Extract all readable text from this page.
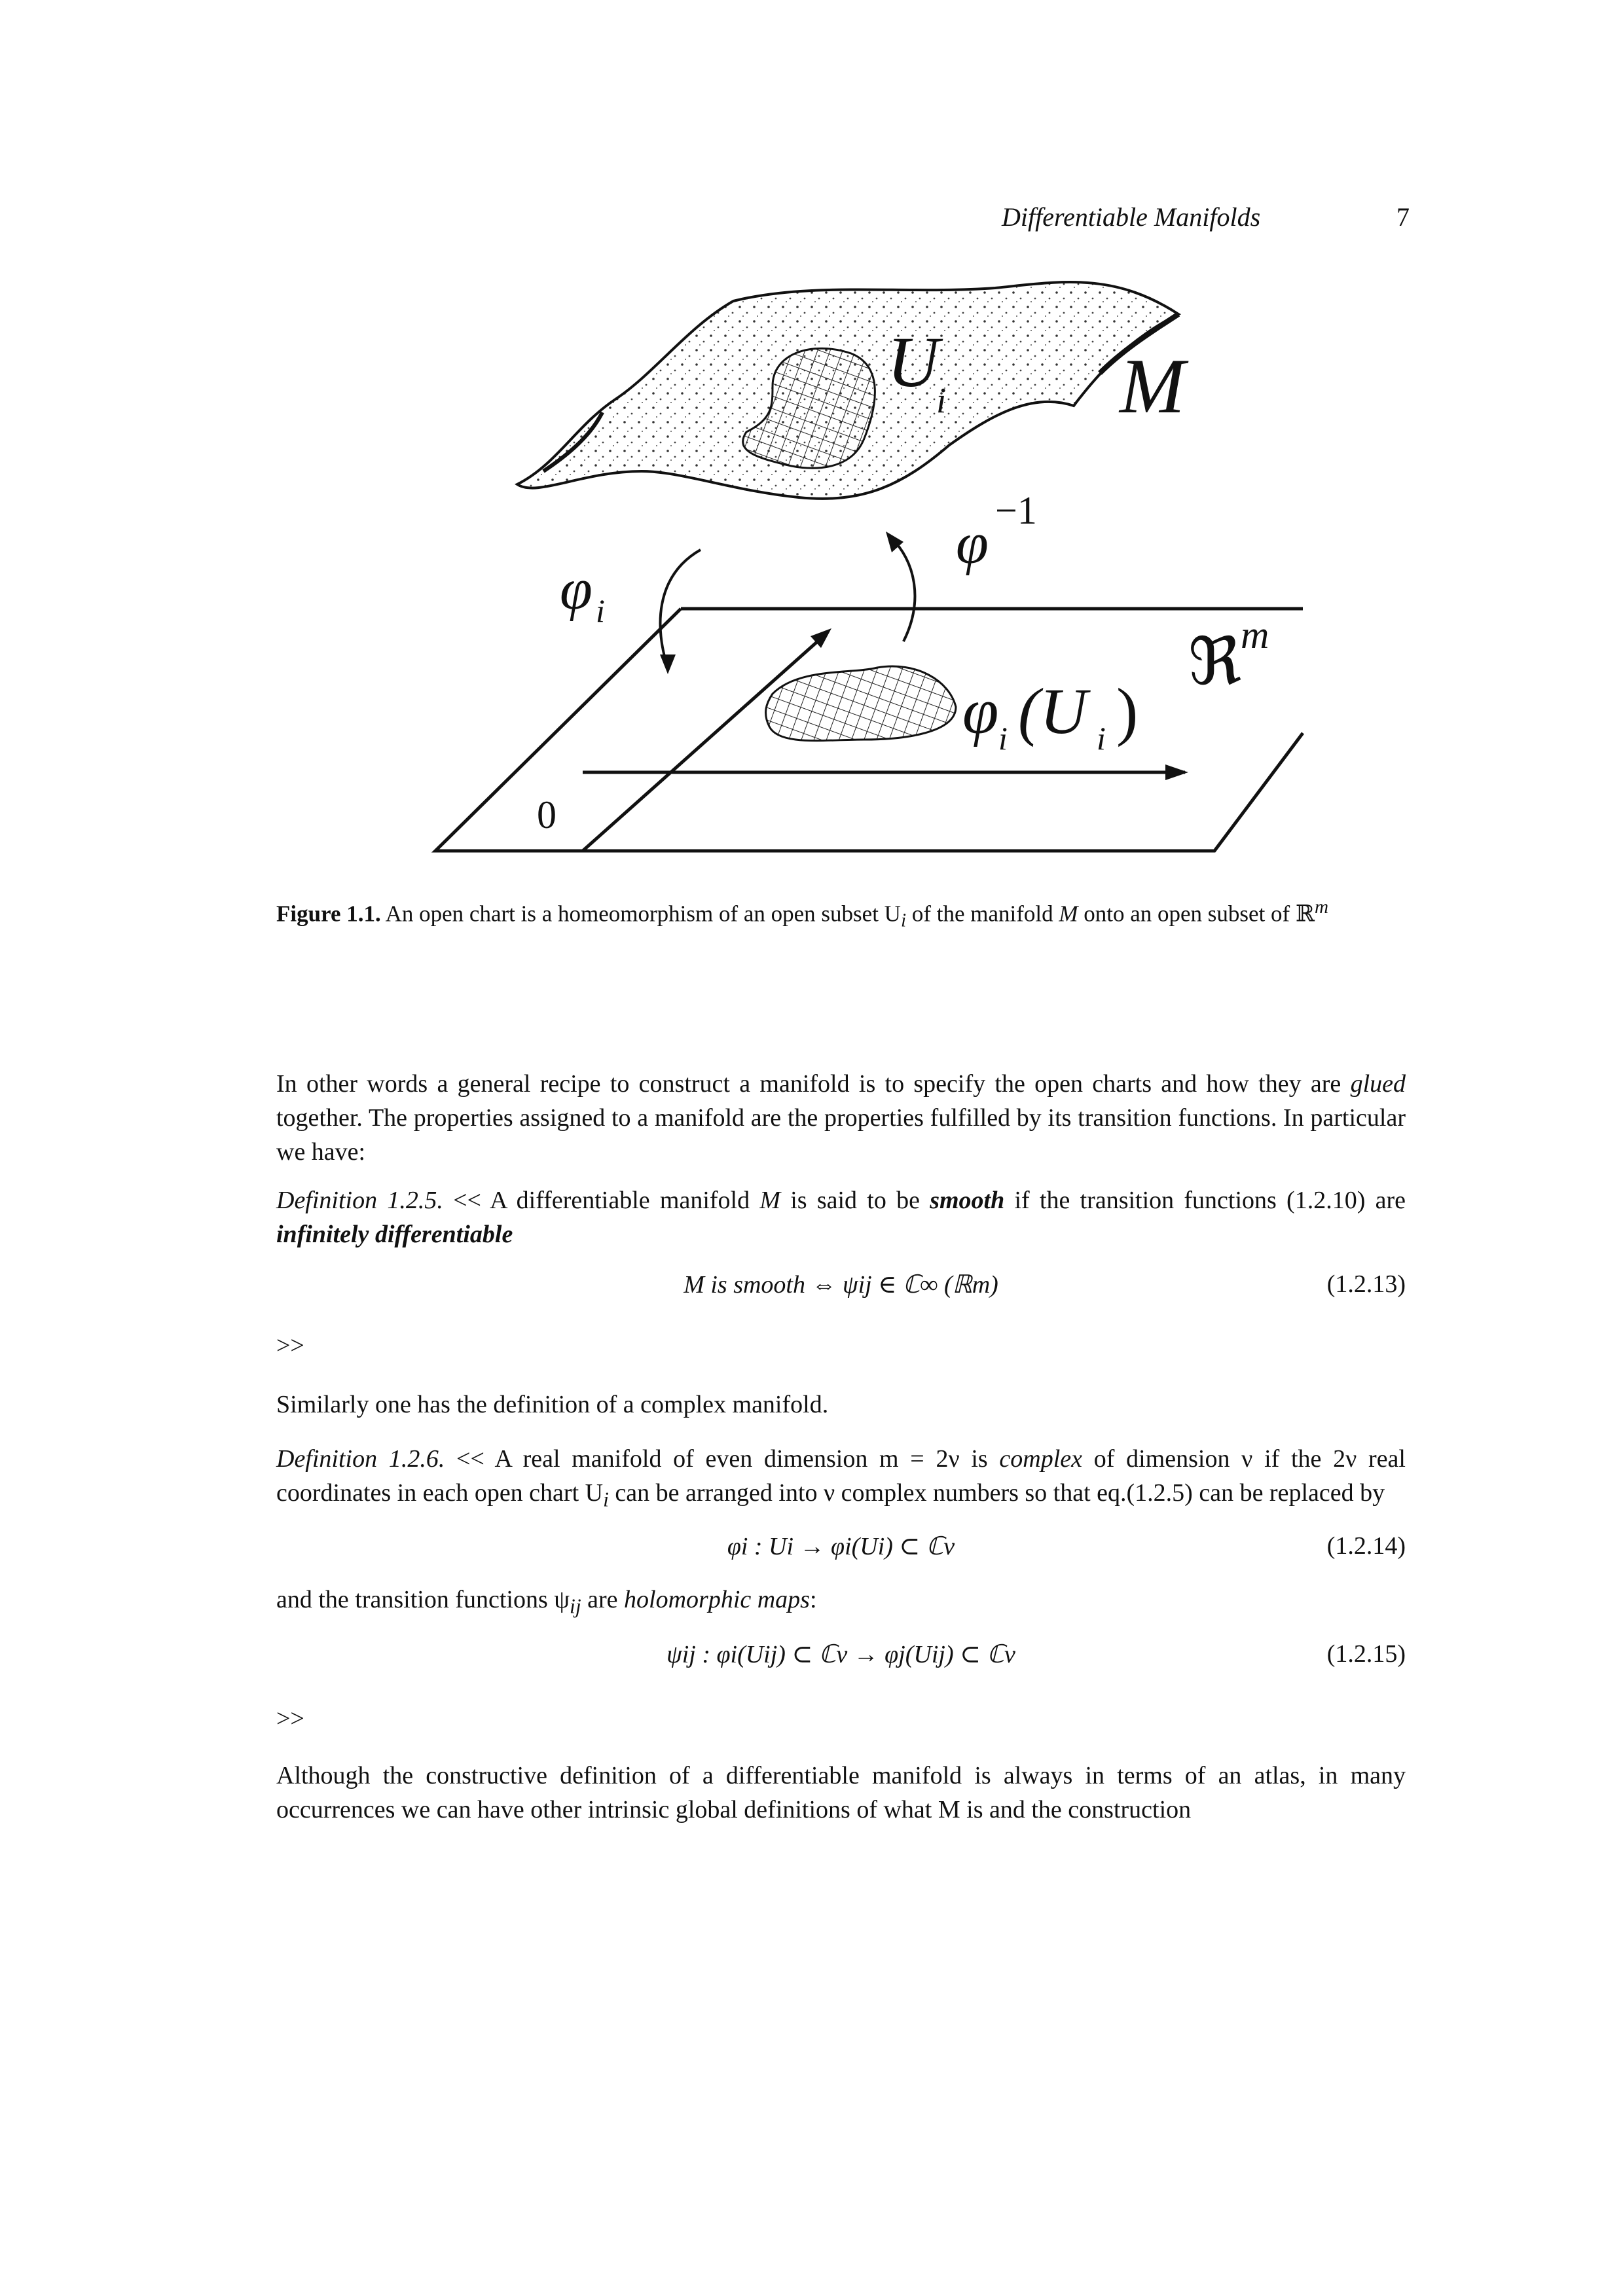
Differentiable Manifolds	7
U
i M
φ
−1
φ i
ℜ
m
φ i (U i )
0
Figure 1.1. An open chart is a homeomorphism of an open subset $U_i$ of the manifold M onto an open subset of ℝ$^m$
In other words a general recipe to construct a manifold is to specify the open charts and how they are glued together. The properties assigned to a manifold are the properties fulfilled by its transition functions. In particular we have:
Definition 1.2.5. << A differentiable manifold M is said to be smooth if the transition functions (1.2.10) are infinitely differentiable
M is smooth ⇔ ψij ∈ ℂ∞ (ℝm)	(1.2.13)
>>
Similarly one has the definition of a complex manifold.
Definition 1.2.6. << A real manifold of even dimension m = 2ν is complex of dimension ν if the 2ν real coordinates in each open chart $U_i$ can be arranged into ν complex numbers so that eq.(1.2.5) can be replaced by
φi : Ui → φi(Ui) ⊂ ℂν	(1.2.14)
and the transition functions $\psi_{ij}$ are holomorphic maps:
ψij : φi(Uij) ⊂ ℂν → φj(Uij) ⊂ ℂν	(1.2.15)
>>
Although the constructive definition of a differentiable manifold is always in terms of an atlas, in many occurrences we can have other intrinsic global definitions of what M is and the construction
